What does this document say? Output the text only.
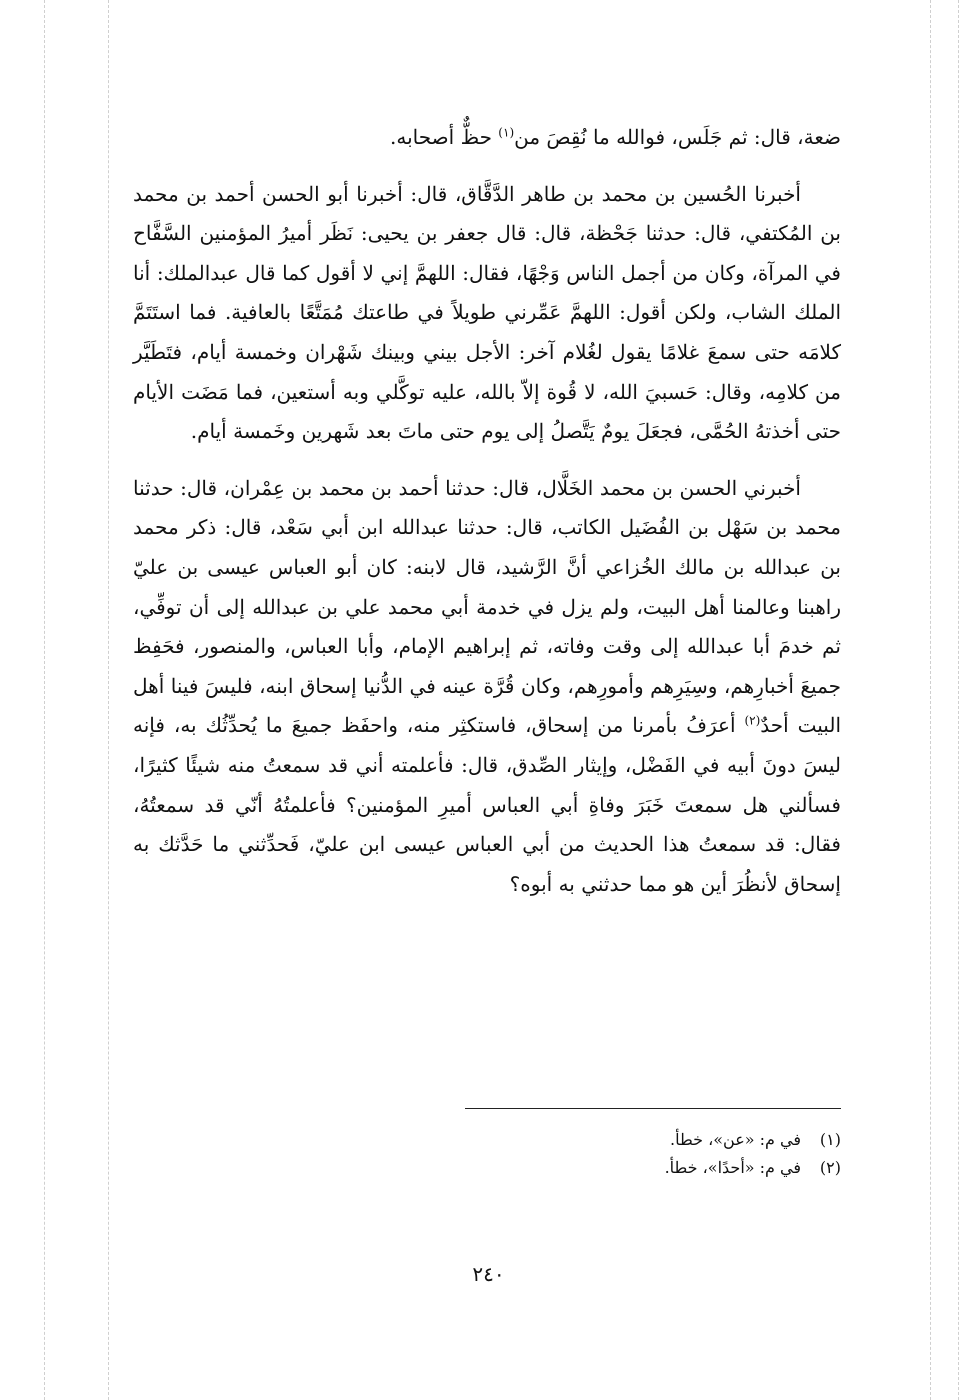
ضعة، قال: ثم جَلَس، فوالله ما نُقِصَ من$^{(١)}$ حظٌّ أصحابه.

أخبرنا الحُسين بن محمد بن طاهر الدَّقَّاق، قال: أخبرنا أبو الحسن أحمد بن محمد بن المُكتفي، قال: حدثنا جَحْظة، قال: قال جعفر بن يحيى: نَظَر أميرُ المؤمنين السَّفَّاح في المرآة، وكان من أجمل الناس وَجْهًا، فقال: اللهمَّ إني لا أقول كما قال عبدالملك: أنا الملك الشاب، ولكن أقول: اللهمَّ عَمِّرني طويلاً في طاعتك مُمَتَّعًا بالعافية. فما استَتَمَّ كلامَه حتى سمعَ غلامًا يقول لغُلام آخر: الأجل بيني وبينك شَهْران وخمسة أيام، فتَطَيَّر من كلامِه، وقال: حَسبيَ الله، لا قُوة إلاّ بالله، عليه توكَّلي وبه أستعين، فما مَضَت الأيام حتى أخذتهُ الحُمَّى، فجعَلَ يومٌ يَتَّصلُ إلى يوم حتى ماتَ بعد شَهرين وخَمسة أيام.

أخبرني الحسن بن محمد الخَلَّال، قال: حدثنا أحمد بن محمد بن عِمْران، قال: حدثنا محمد بن سَهْل بن الفُضَيل الكاتب، قال: حدثنا عبدالله ابن أبي سَعْد، قال: ذكر محمد بن عبدالله بن مالك الخُزاعي أنَّ الرَّشيد، قال لابنه: كان أبو العباس عيسى بن عليّ راهبنا وعالمنا أهل البيت، ولم يزل في خدمة أبي محمد علي بن عبدالله إلى أن توفِّي، ثم خدمَ أبا عبدالله إلى وقت وفاته، ثم إبراهيم الإمام، وأبا العباس، والمنصور، فحَفِظ جميعَ أخبارِهم، وسِيَرِهم وأمورِهم، وكان قُرَّة عينه في الدُّنيا إسحاق ابنه، فليسَ فينا أهل البيت أحدٌ$^{(٢)}$ أعرَفُ بأمرنا من إسحاق، فاستكثِر منه، واحفَظ جميعَ ما يُحدِّثُك به، فإنه ليسَ دونَ أبيه في الفَضْل، وإيثار الصِّدق، قال: فأعلمته أني قد سمعتُ منه شيئًا كثيرًا، فسألني هل سمعتَ خَبَرَ وفاةِ أبي العباس أميرِ المؤمنين؟ فأعلمتُهُ أنّي قد سمعتُهُ، فقال: قد سمعتُ هذا الحديث من أبي العباس عيسى ابن عليّ، فَحدِّثني ما حَدَّثك به إسحاق لأنظُرَ أين هو مما حدثني به أبوه؟

(١)في م: «عن»، خطأ.
(٢)في م: «أحدًا»، خطأ.
٢٤٠
